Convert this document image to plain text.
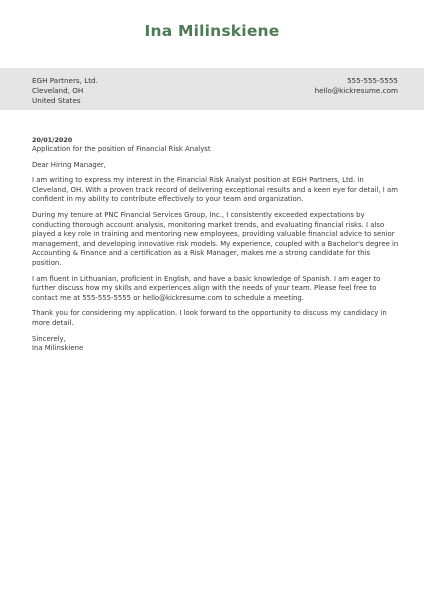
Ina Milinskiene
EGH Partners, Ltd.
Cleveland, OH
United States
555-555-5555
hello@kickresume.com
20/01/2020
Application for the position of Financial Risk Analyst

Dear Hiring Manager,

I am writing to express my interest in the Financial Risk Analyst position at EGH Partners, Ltd. in Cleveland, OH. With a proven track record of delivering exceptional results and a keen eye for detail, I am confident in my ability to contribute effectively to your team and organization.

During my tenure at PNC Financial Services Group, Inc., I consistently exceeded expectations by conducting thorough account analysis, monitoring market trends, and evaluating financial risks. I also played a key role in training and mentoring new employees, providing valuable financial advice to senior management, and developing innovative risk models. My experience, coupled with a Bachelor's degree in Accounting & Finance and a certification as a Risk Manager, makes me a strong candidate for this position.

I am fluent in Lithuanian, proficient in English, and have a basic knowledge of Spanish. I am eager to further discuss how my skills and experiences align with the needs of your team. Please feel free to contact me at 555-555-5555 or hello@kickresume.com to schedule a meeting.

Thank you for considering my application. I look forward to the opportunity to discuss my candidacy in more detail.

Sincerely,
Ina Milinskiene
